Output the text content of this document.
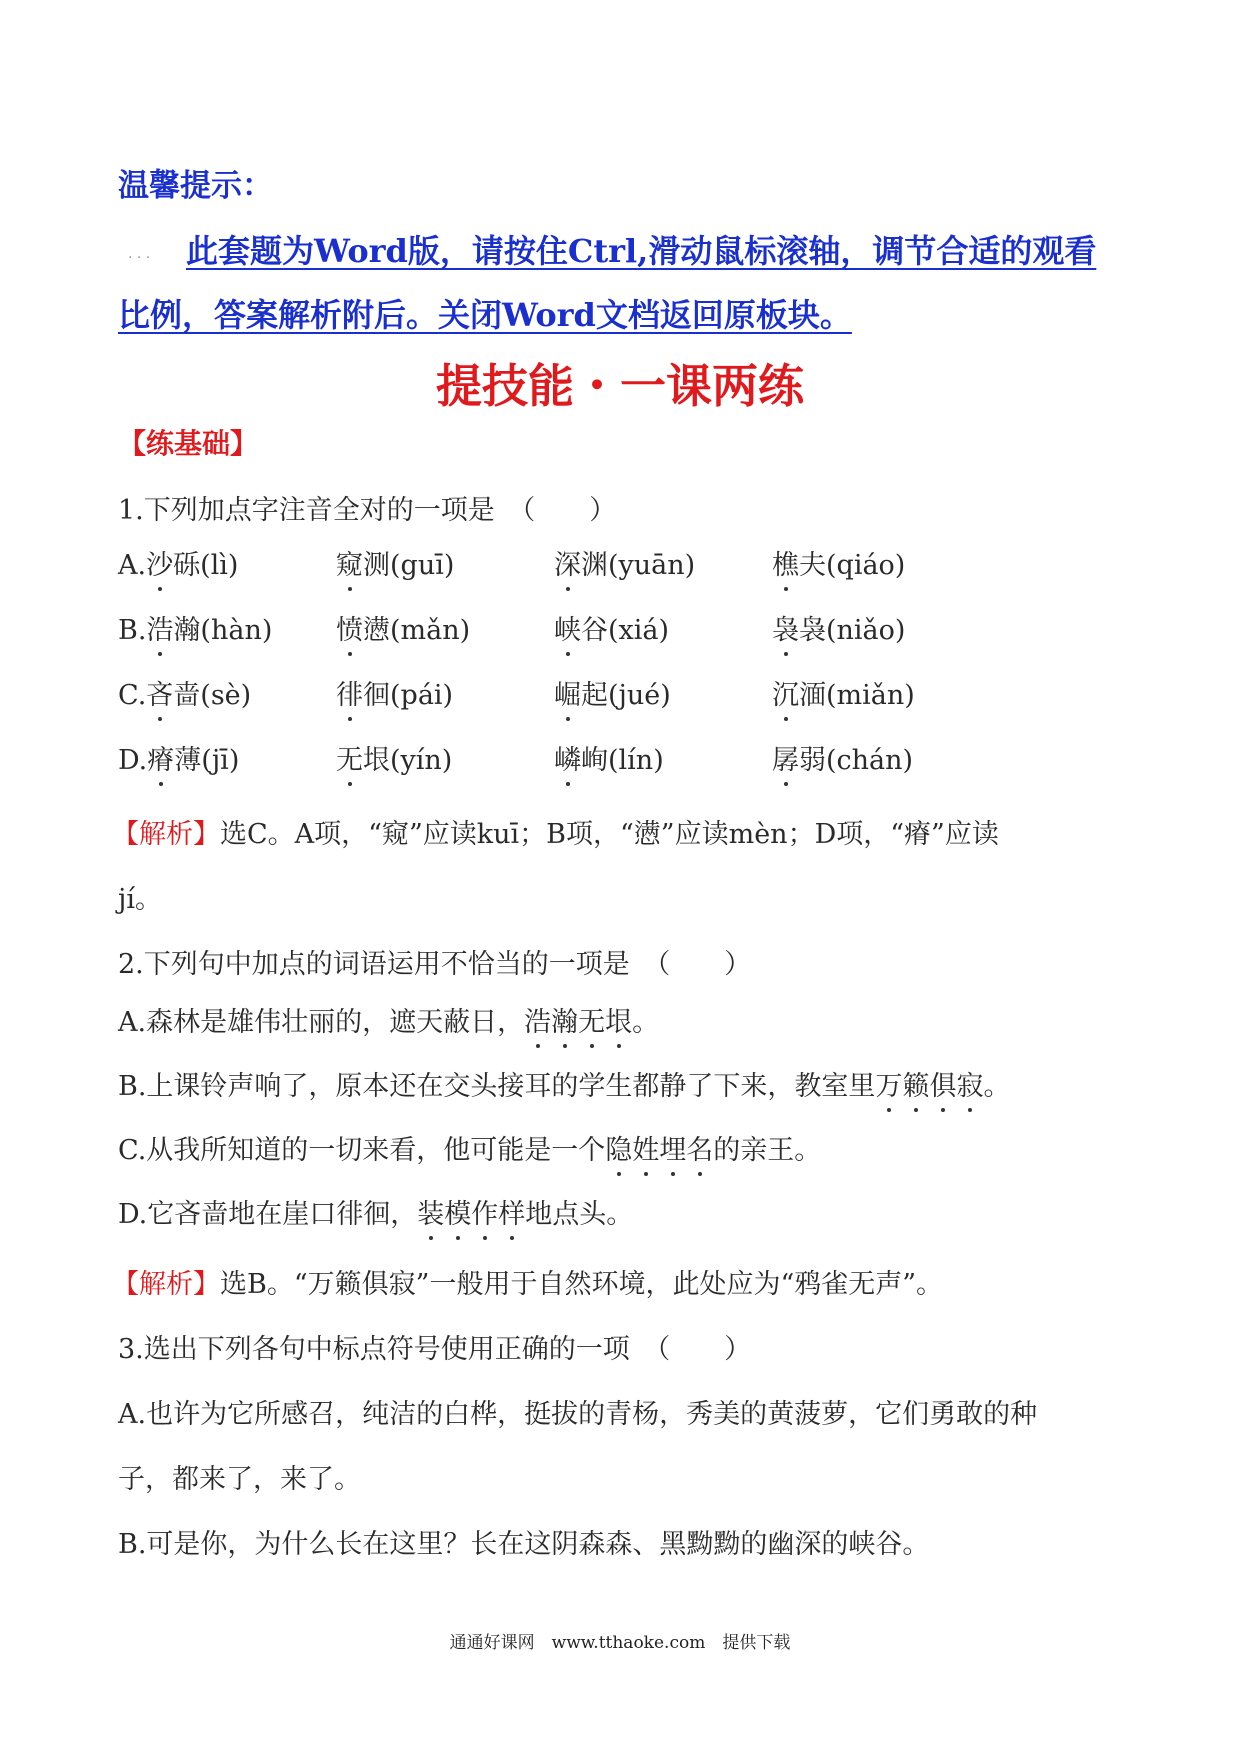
温馨提示：
. . . 此套题为Word版，请按住Ctrl,滑动鼠标滚轴，调节合适的观看
比例，答案解析附后。关闭Word文档返回原板块。
提技能・一课两练
【练基础】
1.下列加点字注音全对的一项是　（　　）
A.沙砾(lì)	窥测(guī)	深渊(yuān)	樵夫(qiáo)
B.浩瀚(hàn) 愤懑(mǎn)	峡谷(xiá)	袅袅(niǎo)
C.吝啬(sè)	徘徊(pái)	崛起(jué)	沉湎(miǎn)
D.瘠薄(jī)	无垠(yín)	嶙峋(lín)	孱弱(chán)
【解析】选C。A项，“窥”应读kuī；B项，“懑”应读mèn；D项，“瘠”应读
jí。
2.下列句中加点的词语运用不恰当的一项是　（　　）
A.森林是雄伟壮丽的，遮天蔽日，浩瀚无垠。
B.上课铃声响了，原本还在交头接耳的学生都静了下来，教室里万籁俱寂。
C.从我所知道的一切来看，他可能是一个隐姓埋名的亲王。
D.它吝啬地在崖口徘徊，装模作样地点头。
【解析】选B。“万籁俱寂”一般用于自然环境，此处应为“鸦雀无声”。
3.选出下列各句中标点符号使用正确的一项　（　　）
A.也许为它所感召，纯洁的白桦，挺拔的青杨，秀美的黄菠萝，它们勇敢的种
子，都来了，来了。
B.可是你，为什么长在这里？长在这阴森森、黑黝黝的幽深的峡谷。
通通好课网　www.tthaoke.com　提供下载
